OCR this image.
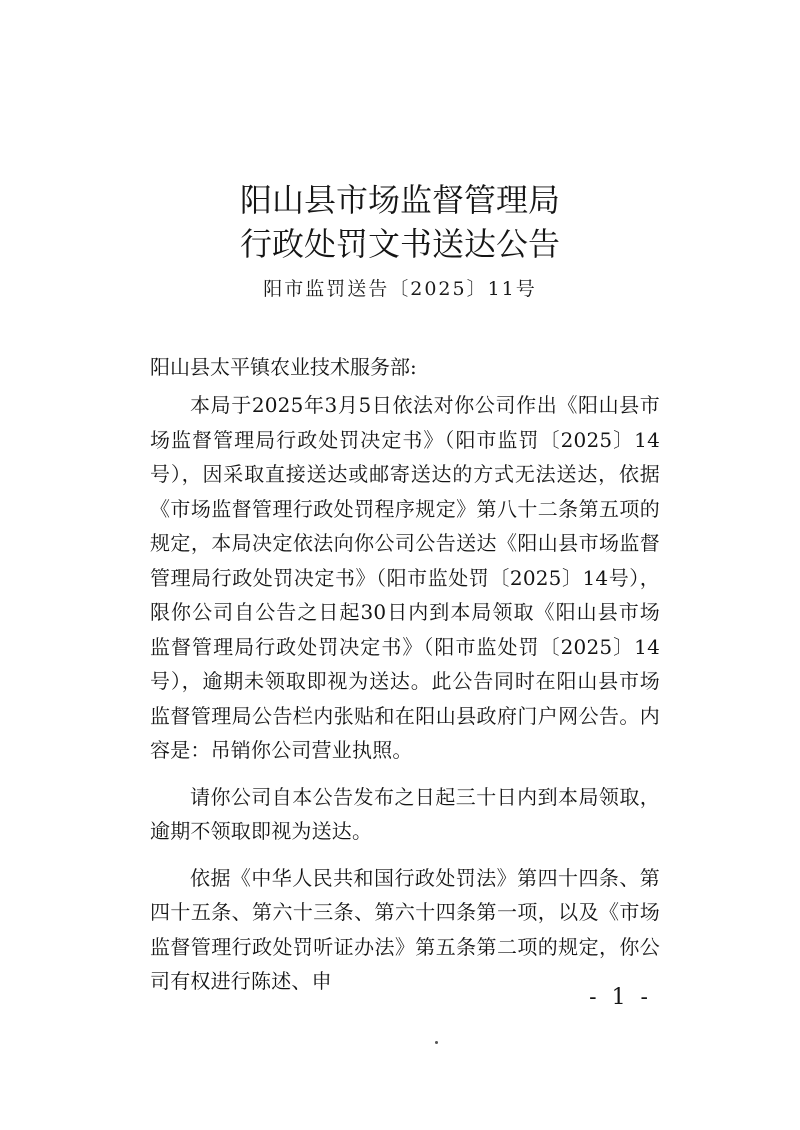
阳山县市场监督管理局
行政处罚文书送达公告
阳市监罚送告〔2025〕11号

阳山县太平镇农业技术服务部:

本局于2025年3月5日依法对你公司作出《阳山县市场监督管理局行政处罚决定书》（阳市监罚〔2025〕14号），因采取直接送达或邮寄送达的方式无法送达，依据《市场监督管理行政处罚程序规定》第八十二条第五项的规定，本局决定依法向你公司公告送达《阳山县市场监督管理局行政处罚决定书》（阳市监处罚〔2025〕14号），限你公司自公告之日起30日内到本局领取《阳山县市场监督管理局行政处罚决定书》（阳市监处罚〔2025〕14号），逾期未领取即视为送达。此公告同时在阳山县市场监督管理局公告栏内张贴和在阳山县政府门户网公告。内容是：吊销你公司营业执照。

请你公司自本公告发布之日起三十日内到本局领取，逾期不领取即视为送达。

依据《中华人民共和国行政处罚法》第四十四条、第四十五条、第六十三条、第六十四条第一项，以及《市场监督管理行政处罚听证办法》第五条第二项的规定，你公司有权进行陈述、申

- 1 -
